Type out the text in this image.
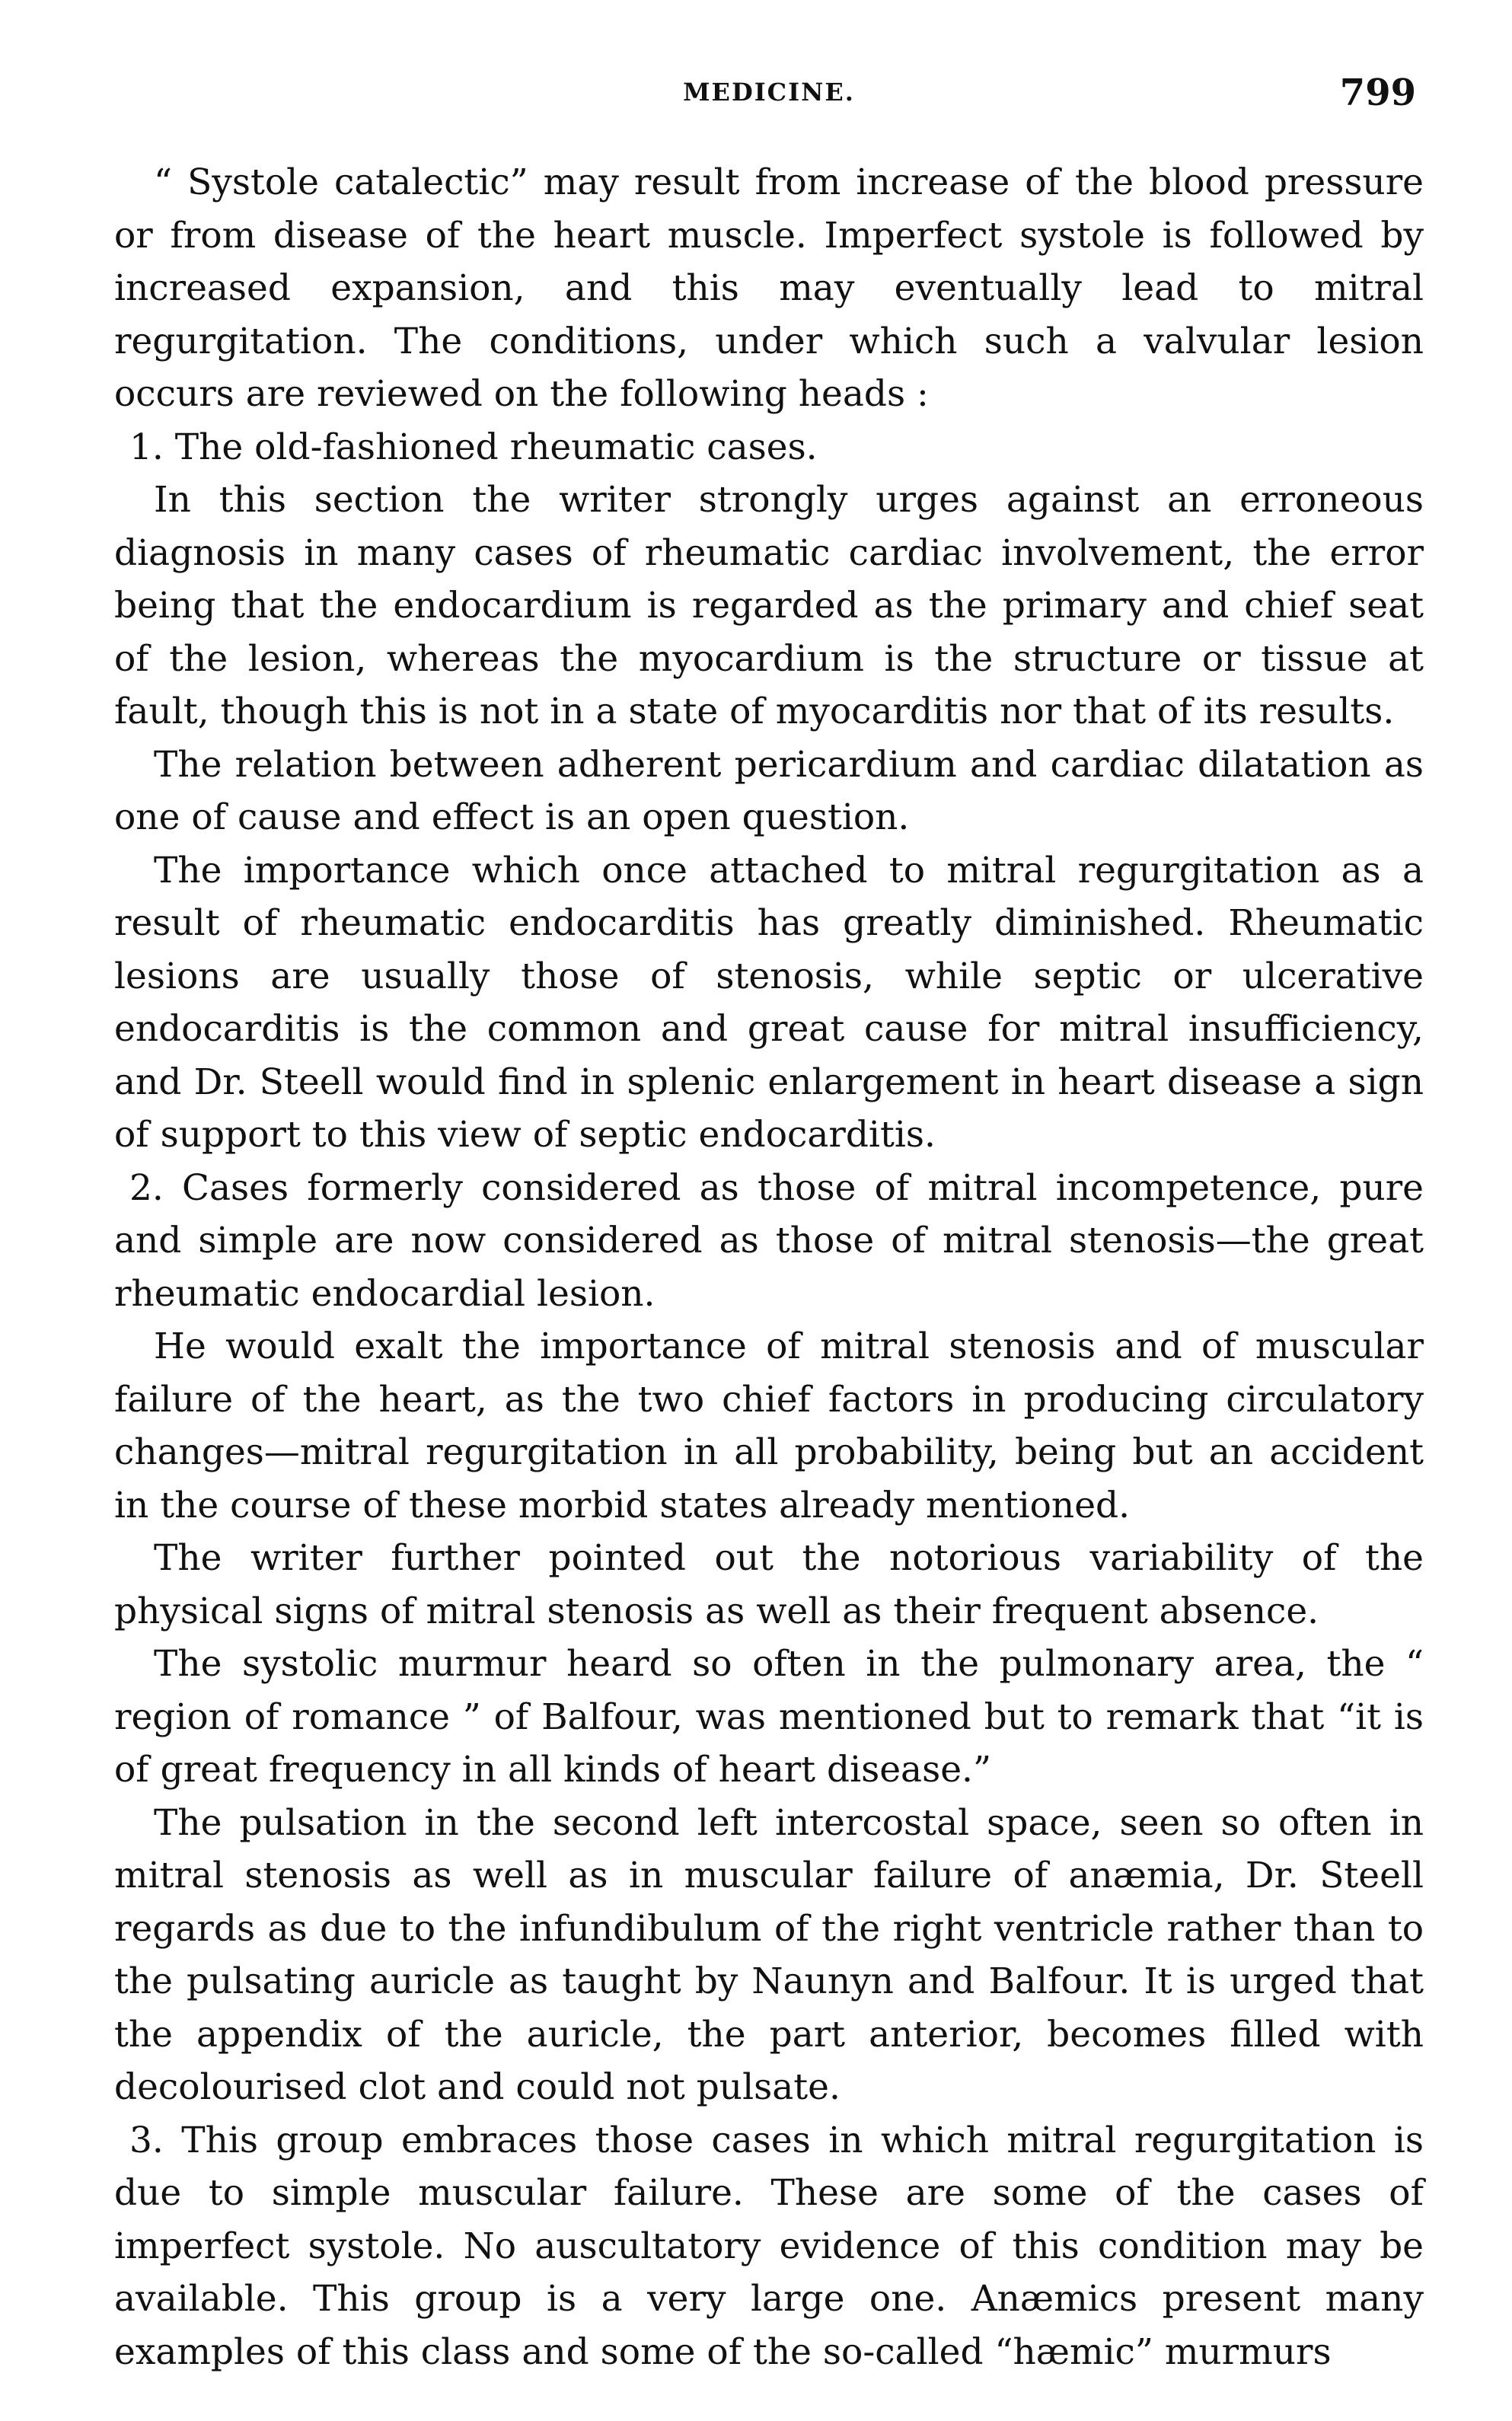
MEDICINE.	799

“ Systole catalectic” may result from increase of the blood pressure or from disease of the heart muscle. Imperfect systole is followed by increased expansion, and this may eventually lead to mitral regurgitation. The conditions, under which such a valvular lesion occurs are reviewed on the following heads :

1. The old-fashioned rheumatic cases.

In this section the writer strongly urges against an erroneous diagnosis in many cases of rheumatic cardiac involvement, the error being that the endocardium is regarded as the primary and chief seat of the lesion, whereas the myocardium is the structure or tissue at fault, though this is not in a state of myocarditis nor that of its results.

The relation between adherent pericardium and cardiac dilatation as one of cause and effect is an open question.

The importance which once attached to mitral regurgitation as a result of rheumatic endocarditis has greatly diminished. Rheumatic lesions are usually those of stenosis, while septic or ulcerative endocarditis is the common and great cause for mitral insufficiency, and Dr. Steell would find in splenic enlargement in heart disease a sign of support to this view of septic endocarditis.

2. Cases formerly considered as those of mitral incompetence, pure and simple are now considered as those of mitral stenosis—the great rheumatic endocardial lesion.

He would exalt the importance of mitral stenosis and of muscular failure of the heart, as the two chief factors in producing circulatory changes—mitral regurgitation in all probability, being but an accident in the course of these morbid states already mentioned.

The writer further pointed out the notorious variability of the physical signs of mitral stenosis as well as their frequent absence.

The systolic murmur heard so often in the pulmonary area, the “ region of romance ” of Balfour, was mentioned but to remark that “it is of great frequency in all kinds of heart disease.”

The pulsation in the second left intercostal space, seen so often in mitral stenosis as well as in muscular failure of anæmia, Dr. Steell regards as due to the infundibulum of the right ventricle rather than to the pulsating auricle as taught by Naunyn and Balfour. It is urged that the appendix of the auricle, the part anterior, becomes filled with decolourised clot and could not pulsate.

3. This group embraces those cases in which mitral regurgitation is due to simple muscular failure. These are some of the cases of imperfect systole. No auscultatory evidence of this condition may be available. This group is a very large one. Anæmics present many examples of this class and some of the so-called “hæmic” murmurs
